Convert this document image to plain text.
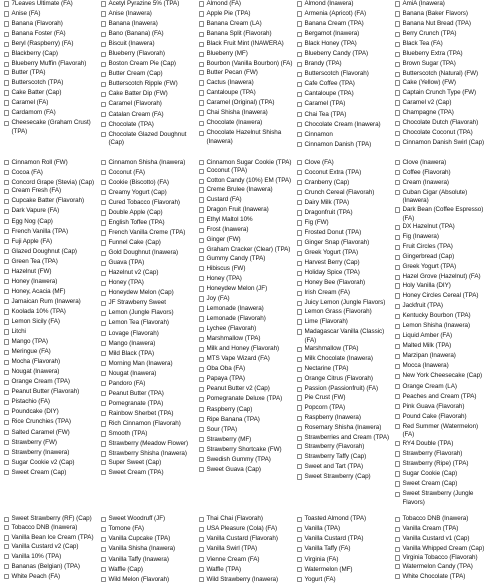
7Leaves Ultimate (FA)
Anise (FA)
Banana (Flavorah)
Banana Foster (FA)
Beryl (Raspberry) (FA)
Blackberry (Cap)
Blueberry Muffin (Flavorah)
Butter (TPA)
Butterscotch (TPA)
Cake Batter (Cap)
Caramel (FA)
Cardamom (FA)
Cheesecake (Graham Crust) (TPA)
Cinnamon Roll (FW)
Cocoa (FA)
Concord Grape (Stevia) (Cap)
Cream Fresh (FA)
Cupcake Batter (Flavorah)
Dark Vapure (FA)
Egg Nog (Cap)
French Vanilla (TPA)
Fuji Apple (FA)
Glazed Doughnut (Cap)
Green Tea (TPA)
Hazelnut (FW)
Honey (Inawera)
Honey, Acacia (MF)
Jamaican Rum (Inawera)
Koolada 10% (TPA)
Lemon Sicily (FA)
Litchi
Mango (TPA)
Meringue (FA)
Mocha (Flavorah)
Nougat (Inawera)
Orange Cream (TPA)
Peanut Butter (Flavorah)
Pistachio (FA)
Poundcake (DIY)
Rice Crunchies (TPA)
Salted Caramel (FW)
Strawberry (FW)
Strawberry (Inawera)
Sugar Cookie v2 (Cap)
Sweet Cream (Cap)
Sweet Strawberry (RF) (Cap)
Tobacco DNB (Inawera)
Vanilla Bean Ice Cream (TPA)
Vanilla Custard v2 (Cap)
Vanilla 10% (TPA)
Bananas (Belgian) (TPA)
White Peach (FA)
Acetyl Pyrazine 5% (TPA)
Anise (Inawera)
Banana (Inawera)
Bano (Banana) (FA)
Biscuit (Inawera)
Blueberry (Flavorah)
Boston Cream Pie (Cap)
Butter Cream (Cap)
Butterscotch Ripple (FW)
Cake Batter Dip (FW)
Caramel (Flavorah)
Catalan Cream (FA)
Chocolate (TPA)
Chocolate Glazed Doughnut (Cap)
Cinnamon Shisha (Inawera)
Coconut (FA)
Cookie (Biscotto) (FA)
Creamy Yogurt (Cap)
Cured Tobacco (Flavorah)
Double Apple (Cap)
English Toffee (TPA)
French Vanilla Creme (TPA)
Funnel Cake (Cap)
Gold Doughnut (Inawera)
Guava (TPA)
Hazelnut v2 (Cap)
Honey (TPA)
Honeydew Melon (Cap)
JF Strawberry Sweet
Lemon (Jungle Flavors)
Lemon Tea (Flavorah)
Lovage (Flavorah)
Mango (Inawera)
Mild Black (TPA)
Morning Man (Inawera)
Nougat (Inawera)
Pandoro (FA)
Peanut Butter (TPA)
Pomegranate (TPA)
Rainbow Sherbet (TPA)
Rich Cinnamon (Flavorah)
Smooth (TPA)
Strawberry (Meadow Flower)
Strawberry Shisha (Inawera)
Super Sweet (Cap)
Sweet Cream (TPA)
Sweet Woodruff (JF)
Tomone (FA)
Vanilla Cupcake (TPA)
Vanilla Shisha (Inawera)
Vanilla Taffy (Inawera)
Waffle (Cap)
Wild Melon (Flavorah)
Almond (FA)
Apple Pie (TPA)
Banana Cream (LA)
Banana Split (Flavorah)
Black Fruit Mint (INAWERA)
Blueberry (MF)
Bourbon (Vanilla Bourbon) (FA)
Butter Pecan (FW)
Cactus (Inawera)
Cantaloupe (TPA)
Caramel (Original) (TPA)
Chai Shisha (Inawera)
Chocolate (Inawera)
Chocolate Hazelnut Shisha (Inawera)
Cinnamon Sugar Cookie (TPA)
Coconut (TPA)
Cotton Candy (10%) EM (TPA)
Creme Brulee (Inawera)
Custard (FA)
Dragon Fruit (Inawera)
Ethyl Maltol 10%
Frost (Inawera)
Ginger (FW)
Graham Cracker (Clear) (TPA)
Gummy Candy (TPA)
Hibiscus (FW)
Honey (TPA)
Honeydew Melon (JF)
Joy (FA)
Lemonade (Inawera)
Lemonade (Flavorah)
Lychee (Flavorah)
Marshmallow (TPA)
Milk and Honey (Flavorah)
MTS Vape Wizard (FA)
Oba Oba (FA)
Papaya (TPA)
Peanut Butter v2 (Cap)
Pomegranate Deluxe (TPA)
Raspberry (Cap)
Ripe Banana (TPA)
Sour (TPA)
Strawberry (MF)
Strawberry Shortcake (FW)
Swedish Gummy (TPA)
Sweet Guava (Cap)
Thai Chai (Flavorah)
USA Pleasure (Cola) (FA)
Vanilla Custard (Flavorah)
Vanilla Swirl (TPA)
Vienne Cream (FA)
Waffle (TPA)
Wild Strawberry (Inawera)
Almond (Inawera)
Armenia (Apricot) (FA)
Banana Cream (TPA)
Bergamot (Inawera)
Black Honey (TPA)
Blueberry Candy (TPA)
Brandy (TPA)
Butterscotch (Flavorah)
Cafe Coffee (TPA)
Cantaloupe (TPA)
Caramel (TPA)
Chai Tea (TPA)
Chocolate Cream (Inawera)
Cinnamon
Cinnamon Danish (TPA)
Clove (FA)
Coconut Extra (TPA)
Cranberry (Cap)
Crunch Cereal (Flavorah)
Dairy Milk (TPA)
Dragonfruit (TPA)
Fig (FW)
Frosted Donut (TPA)
Ginger Snap (Flavorah)
Greek Yogurt (TPA)
Harvest Berry (Cap)
Holiday Spice (TPA)
Honey Bee (Flavorah)
Irish Cream (FA)
Juicy Lemon (Jungle Flavors)
Lemon Grass (Flavorah)
Lime (Flavorah)
Madagascar Vanilla (Classic) (FA)
Marshmallow (TPA)
Milk Chocolate (Inawera)
Nectarine (TPA)
Orange Citrus (Flavorah)
Passion (Passionfruit) (FA)
Pie Crust (FW)
Popcorn (TPA)
Raspberry (Inawera)
Rosemary Shisha (Inawera)
Strawberries and Cream (TPA)
Strawberry (Flavorah)
Strawberry Taffy (Cap)
Sweet and Tart (TPA)
Sweet Strawberry (Cap)
Toasted Almond (TPA)
Vanilla (TPA)
Vanilla Custard (TPA)
Vanilla Taffy (FA)
Virginia (FA)
Watermelon (MF)
Yogurt (FA)
AmiA (Inawera)
Banana (Baker Flavors)
Banana Nut Bread (TPA)
Berry Crunch (TPA)
Black Tea (FA)
Blueberry Extra (TPA)
Brown Sugar (TPA)
Butterscotch (Natural) (FW)
Cake (Yellow) (FW)
Captain Crunch Type (FW)
Caramel v2 (Cap)
Champagne (TPA)
Chocolate Dutch (Flavorah)
Chocolate Coconut (TPA)
Cinnamon Danish Swirl (Cap)
Clove (Inawera)
Coffee (Flavorah)
Cream (Inawera)
Cuban Cigar (Absolute) (Inawera)
Dark Bean (Coffee Espresso) (FA)
DX Hazelnut (TPA)
Fig (Inawera)
Fruit Circles (TPA)
Gingerbread (Cap)
Greek Yogurt (TPA)
Hazel Grove (Hazelnut) (FA)
Holy Vanilla (DIY)
Honey Circles Cereal (TPA)
Jackfruit (TPA)
Kentucky Bourbon (TPA)
Lemon Shisha (Inawera)
Liquid Amber (FA)
Malted Milk (TPA)
Marzipan (Inawera)
Mocca (Inawera)
New York Cheesecake (Cap)
Orange Cream (LA)
Peaches and Cream (TPA)
Pink Guava (Flavorah)
Pound Cake (Flavorah)
Red Summer (Watermelon) (FA)
RY4 Double (TPA)
Strawberry (Flavorah)
Strawberry (Ripe) (TPA)
Sugar Cookie (Cap)
Sweet Cream (Cap)
Sweet Strawberry (Jungle Flavors)
Tobacco DNB (Inawera)
Vanilla Cream (TPA)
Vanilla Custard v1 (Cap)
Vanilla Whipped Cream (Cap)
Virginia Tobacco (Flavorah)
Watermelon Candy (TPA)
White Chocolate (TPA)
